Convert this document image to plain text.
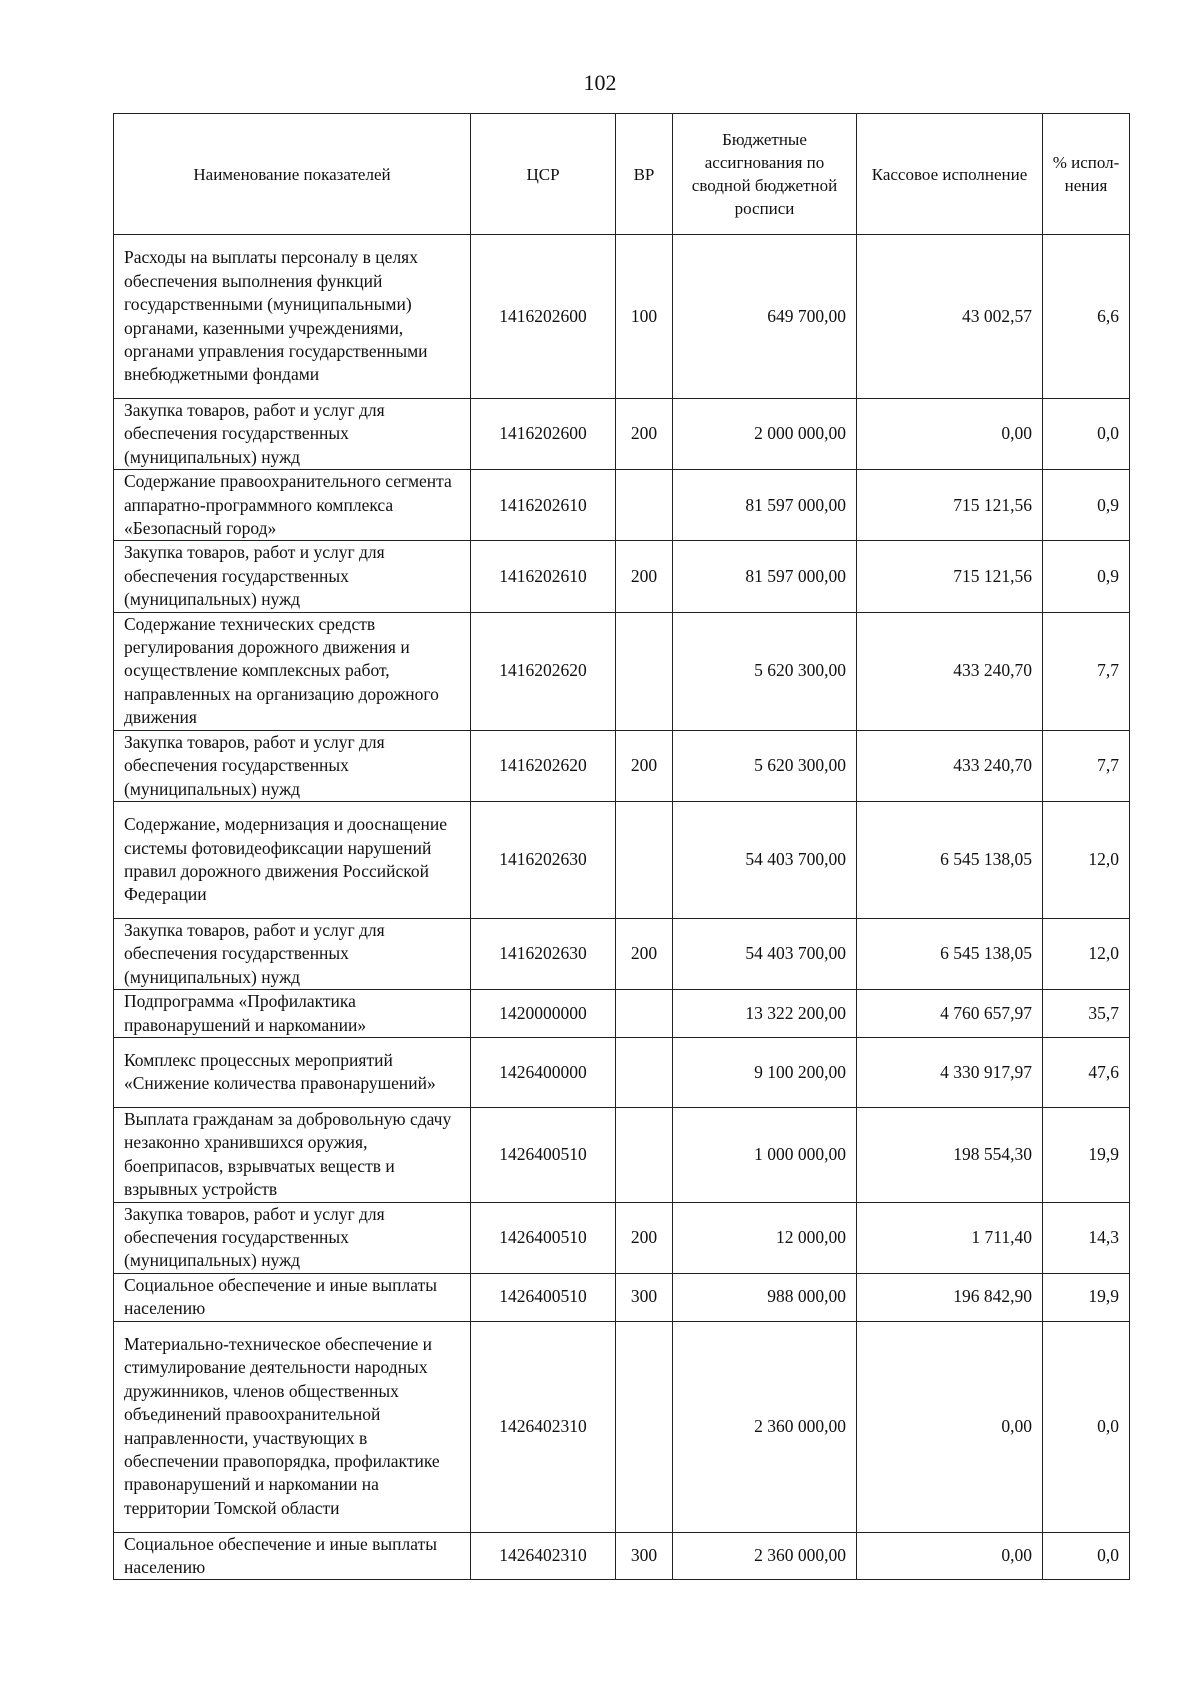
102
Наименование показателей	ЦСР	ВР	Бюджетные ассигнования по сводной бюджетной росписи	Кассовое исполнение	% испол-нения
Расходы на выплаты персоналу в целях обеспечения выполнения функций государственными (муниципальными) органами, казенными учреждениями, органами управления государственными внебюджетными фондами	1416202600	100	649 700,00	43 002,57	6,6
Закупка товаров, работ и услуг для обеспечения государственных (муниципальных) нужд	1416202600	200	2 000 000,00	0,00	0,0
Содержание правоохранительного сегмента аппаратно-программного комплекса «Безопасный город»	1416202610		81 597 000,00	715 121,56	0,9
Закупка товаров, работ и услуг для обеспечения государственных (муниципальных) нужд	1416202610	200	81 597 000,00	715 121,56	0,9
Содержание технических средств регулирования дорожного движения и осуществление комплексных работ, направленных на организацию дорожного движения	1416202620		5 620 300,00	433 240,70	7,7
Закупка товаров, работ и услуг для обеспечения государственных (муниципальных) нужд	1416202620	200	5 620 300,00	433 240,70	7,7
Содержание, модернизация и дооснащение системы фотовидеофиксации нарушений правил дорожного движения Российской Федерации	1416202630		54 403 700,00	6 545 138,05	12,0
Закупка товаров, работ и услуг для обеспечения государственных (муниципальных) нужд	1416202630	200	54 403 700,00	6 545 138,05	12,0
Подпрограмма «Профилактика правонарушений и наркомании»	1420000000		13 322 200,00	4 760 657,97	35,7
Комплекс процессных мероприятий «Снижение количества правонарушений»	1426400000		9 100 200,00	4 330 917,97	47,6
Выплата гражданам за добровольную сдачу незаконно хранившихся оружия, боеприпасов, взрывчатых веществ и взрывных устройств	1426400510		1 000 000,00	198 554,30	19,9
Закупка товаров, работ и услуг для обеспечения государственных (муниципальных) нужд	1426400510	200	12 000,00	1 711,40	14,3
Социальное обеспечение и иные выплаты населению	1426400510	300	988 000,00	196 842,90	19,9
Материально-техническое обеспечение и стимулирование деятельности народных дружинников, членов общественных объединений правоохранительной направленности, участвующих в обеспечении правопорядка, профилактике правонарушений и наркомании на территории Томской области	1426402310		2 360 000,00	0,00	0,0
Социальное обеспечение и иные выплаты населению	1426402310	300	2 360 000,00	0,00	0,0
